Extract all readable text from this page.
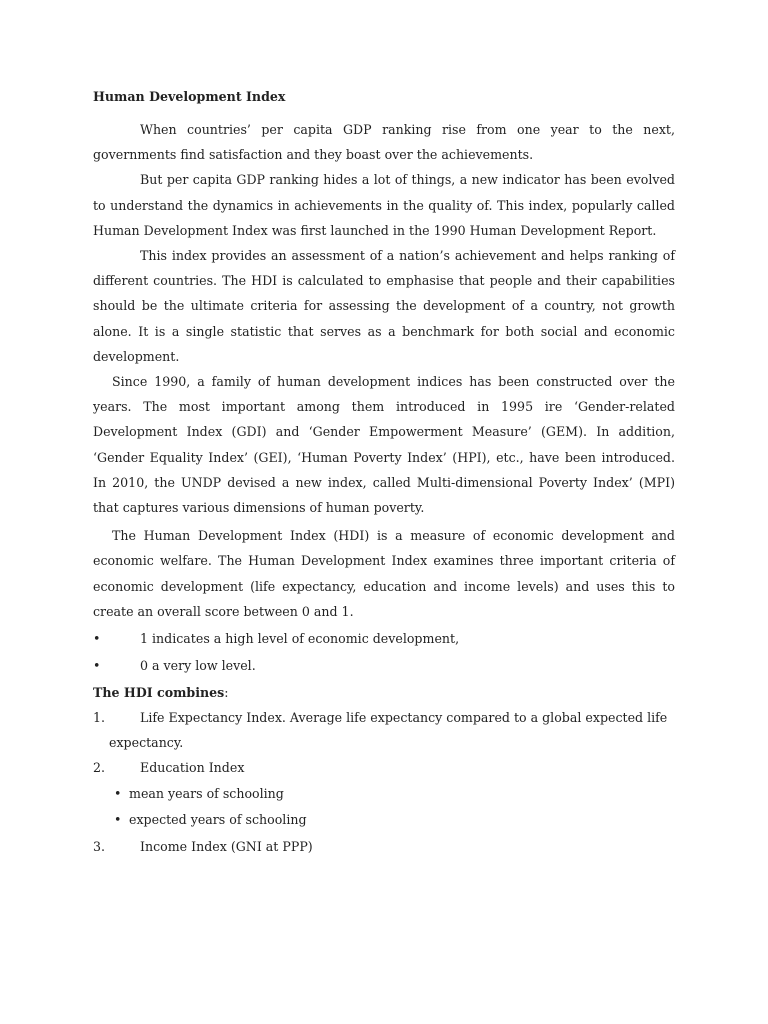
Human Development Index

When countries’ per capita GDP ranking rise from one year to the next, governments find satisfaction and they boast over the achievements.

But per capita GDP ranking hides a lot of things, a new indicator has been evolved to understand the dynamics in achievements in the quality of. This index, popularly called Human Development Index was first launched in the 1990 Human Development Report.

This index provides an assessment of a nation’s achievement and helps ranking of different countries. The HDI is calculated to emphasise that people and their capabilities should be the ultimate criteria for assessing the development of a country, not growth alone. It is a single statistic that serves as a benchmark for both social and economic development.

Since 1990, a family of human development indices has been constructed over the years. The most important among them introduced in 1995 ire ‘Gender-related Development Index (GDI) and ‘Gender Empowerment Measure’ (GEM). In addition, ‘Gender Equality Index’ (GEI), ‘Human Poverty Index’ (HPI), etc., have been introduced. In 2010, the UNDP devised a new index, called Multi-dimensional Poverty Index’ (MPI) that captures various dimensions of human poverty.

The Human Development Index (HDI) is a measure of economic development and economic welfare. The Human Development Index examines three important criteria of economic development (life expectancy, education and income levels) and uses this to create an overall score between 0 and 1.

•	1 indicates a high level of economic development,
•	0 a very low level.

The HDI combines:

1.	Life Expectancy Index. Average life expectancy compared to a global expected life
expectancy.
2.	Education Index
• mean years of schooling
• expected years of schooling
3.	Income Index (GNI at PPP)
